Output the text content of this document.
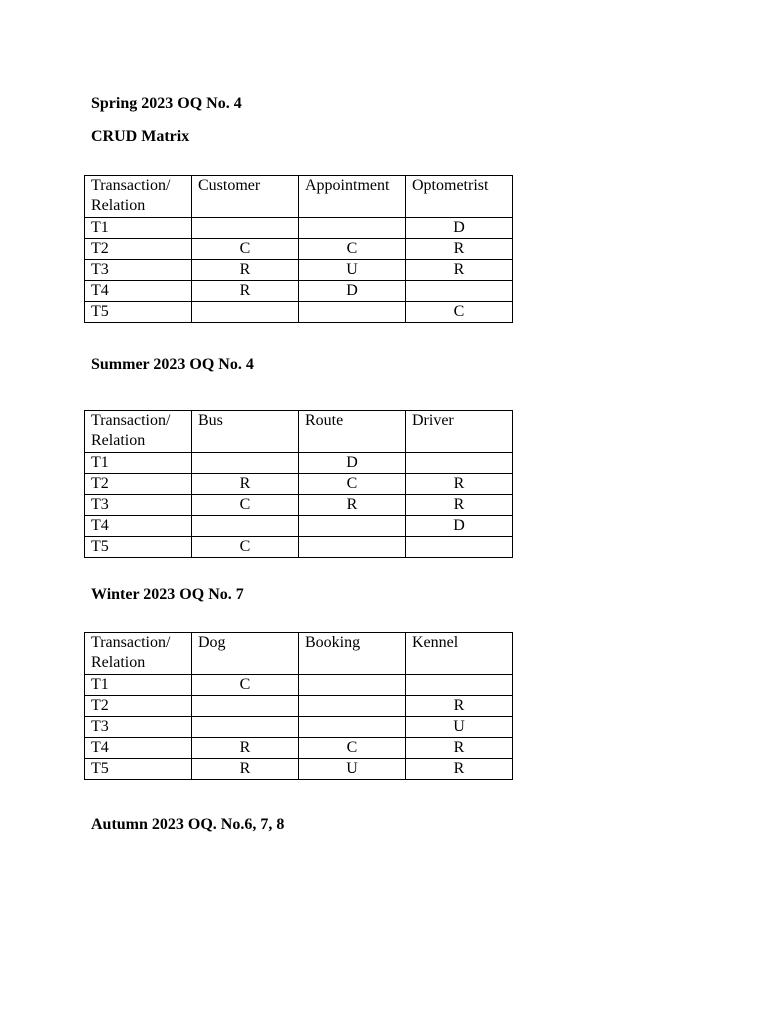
Spring 2023 OQ No. 4
CRUD Matrix
Transaction/
Relation	Customer	Appointment	Optometrist
T1			D
T2	C	C	R
T3	R	U	R
T4	R	D	
T5			C
Summer 2023 OQ No. 4
Transaction/
Relation	Bus	Route	Driver
T1		D	
T2	R	C	R
T3	C	R	R
T4			D
T5	C		
Winter 2023 OQ No. 7
Transaction/
Relation	Dog	Booking	Kennel
T1	C		
T2			R
T3			U
T4	R	C	R
T5	R	U	R
Autumn 2023 OQ. No.6, 7, 8
